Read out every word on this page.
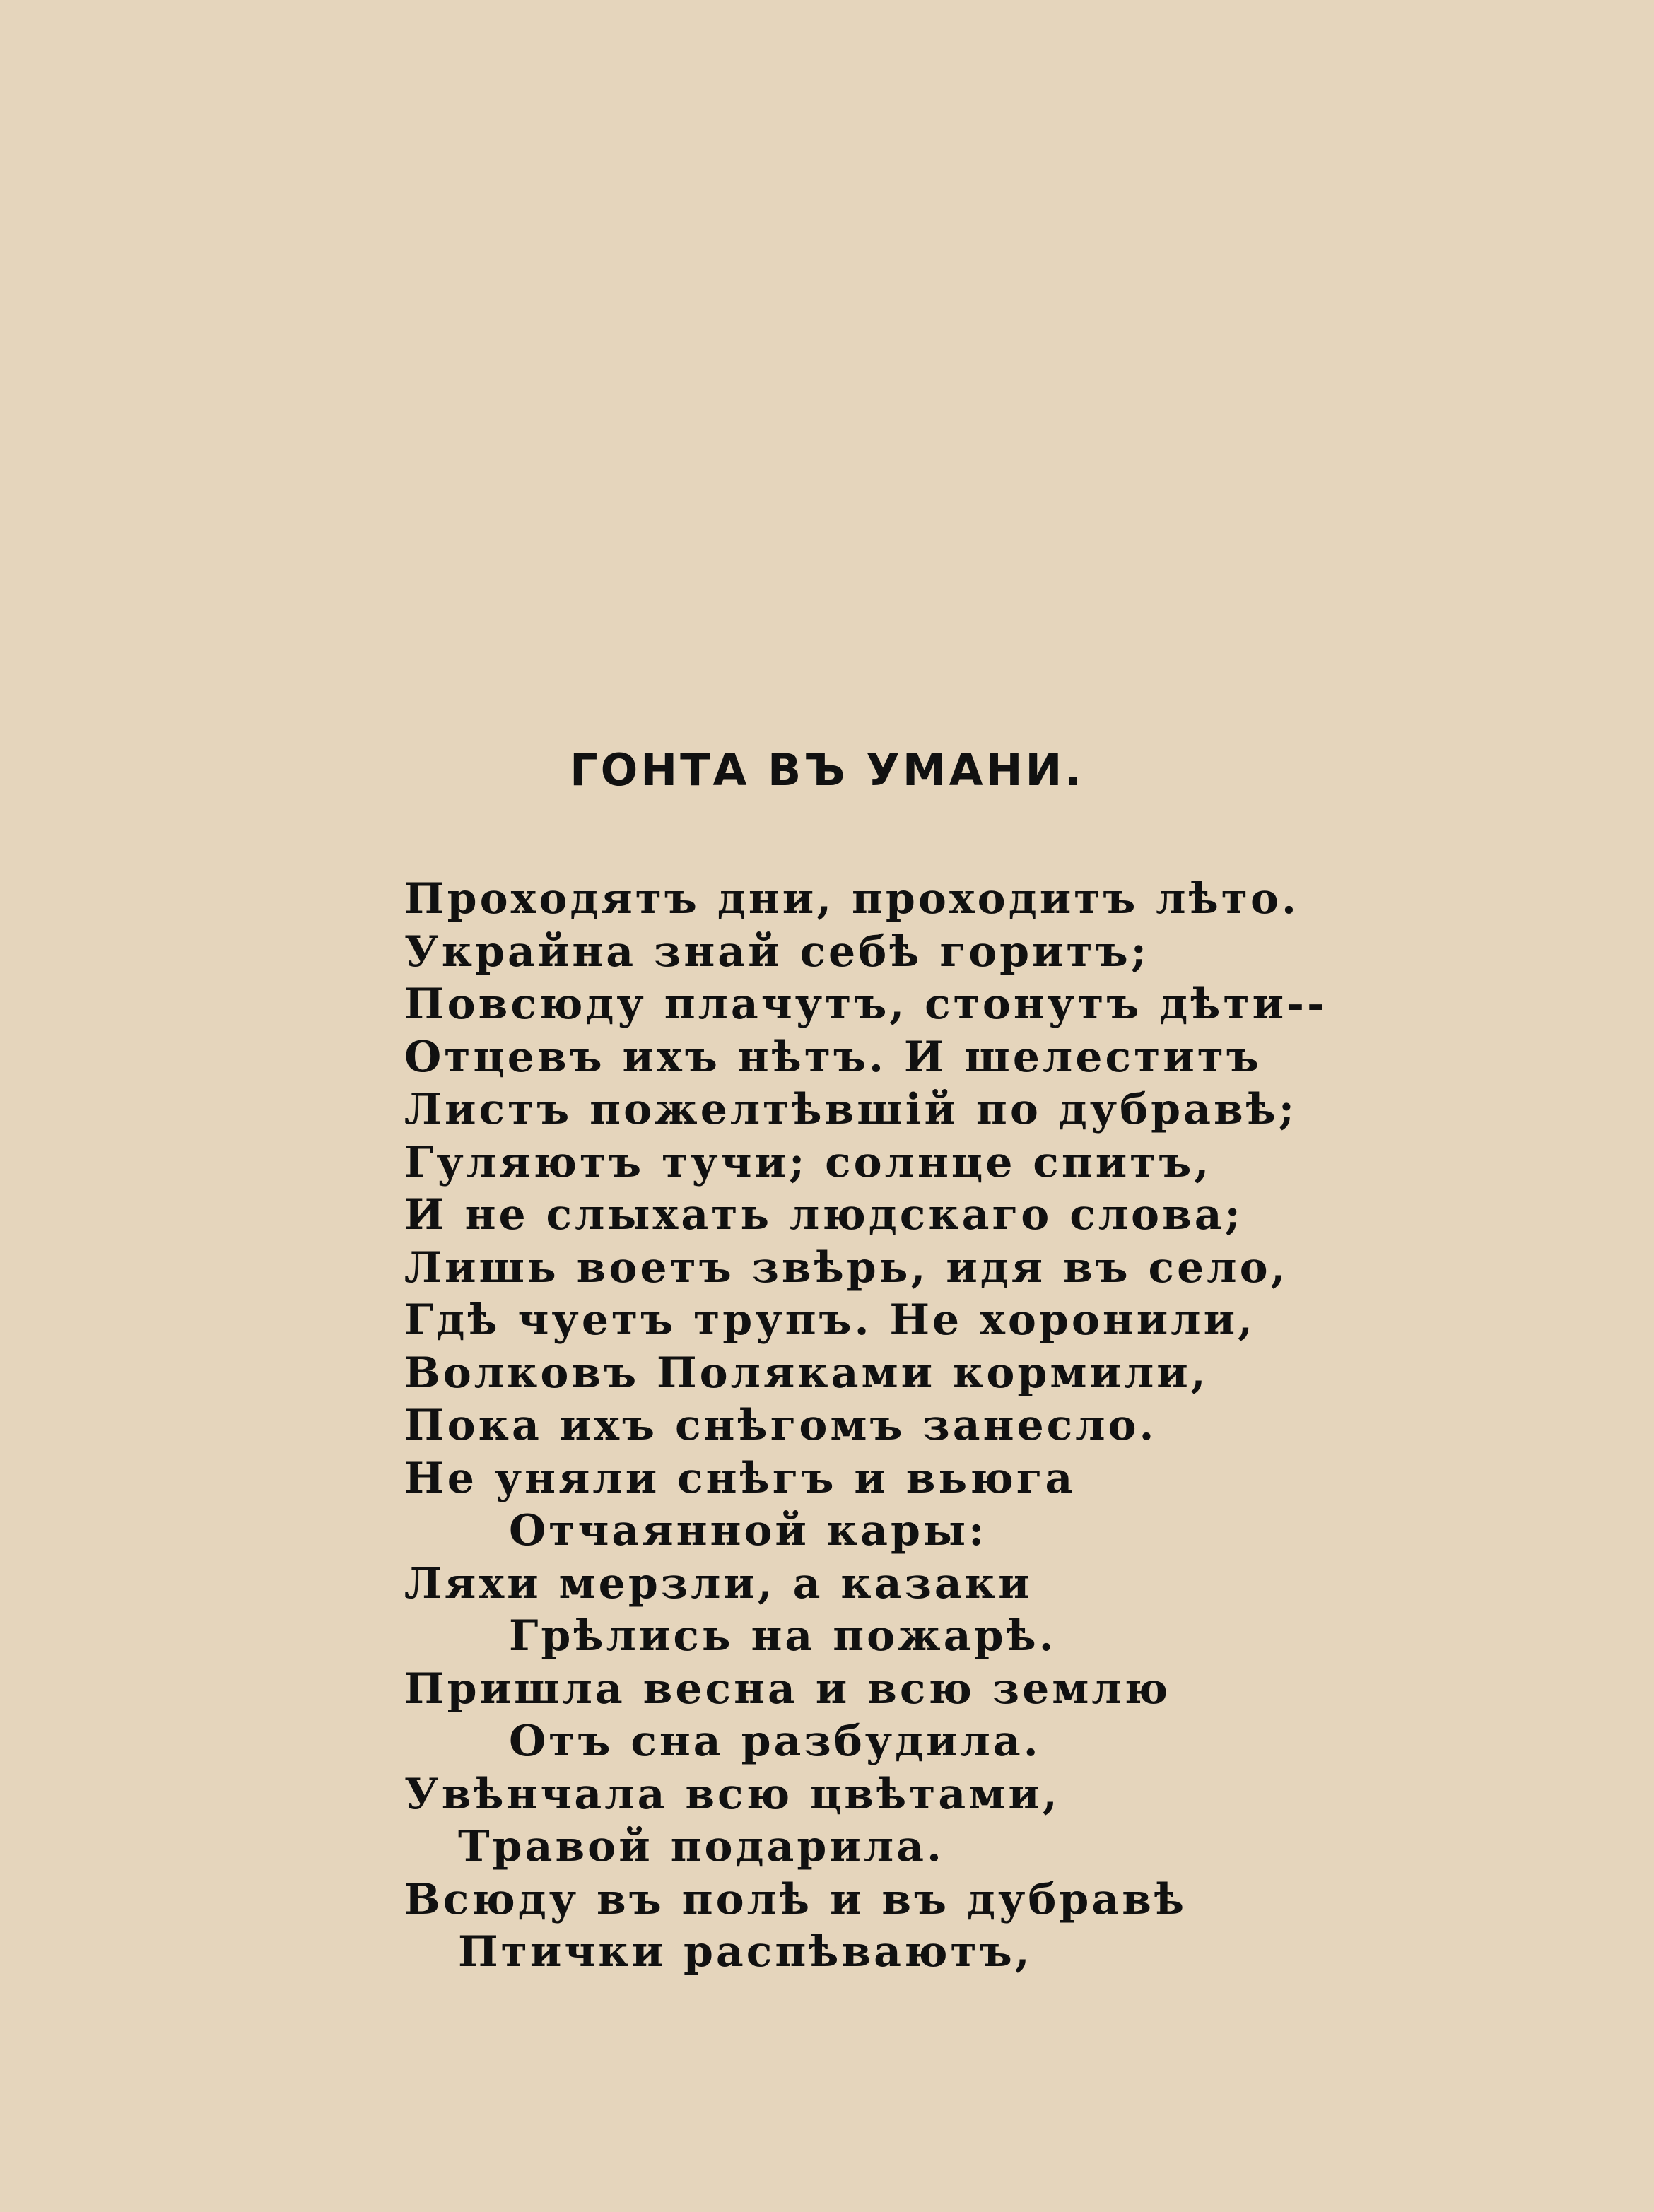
ГОНТА ВЪ УМАНИ.
Проходятъ дни, проходитъ лѣто.
Украйна знай себѣ горитъ;
Повсюду плачутъ, стонутъ дѣти--
Отцевъ ихъ нѣтъ. И шелеститъ
Листъ пожелтѣвшій по дубравѣ;
Гуляютъ тучи; солнце спитъ,
И не слыхать людскаго слова;
Лишь воетъ звѣрь, идя въ село,
Гдѣ чуетъ трупъ. Не хоронили,
Волковъ Поляками кормили,
Пока ихъ снѣгомъ занесло.
Не уняли снѣгъ и вьюга
Отчаянной кары:
Ляхи мерзли, а казаки
Грѣлись на пожарѣ.
Пришла весна и всю землю
Отъ сна разбудила.
Увѣнчала всю цвѣтами,
Травой подарила.
Всюду въ полѣ и въ дубравѣ
Птички распѣваютъ,
